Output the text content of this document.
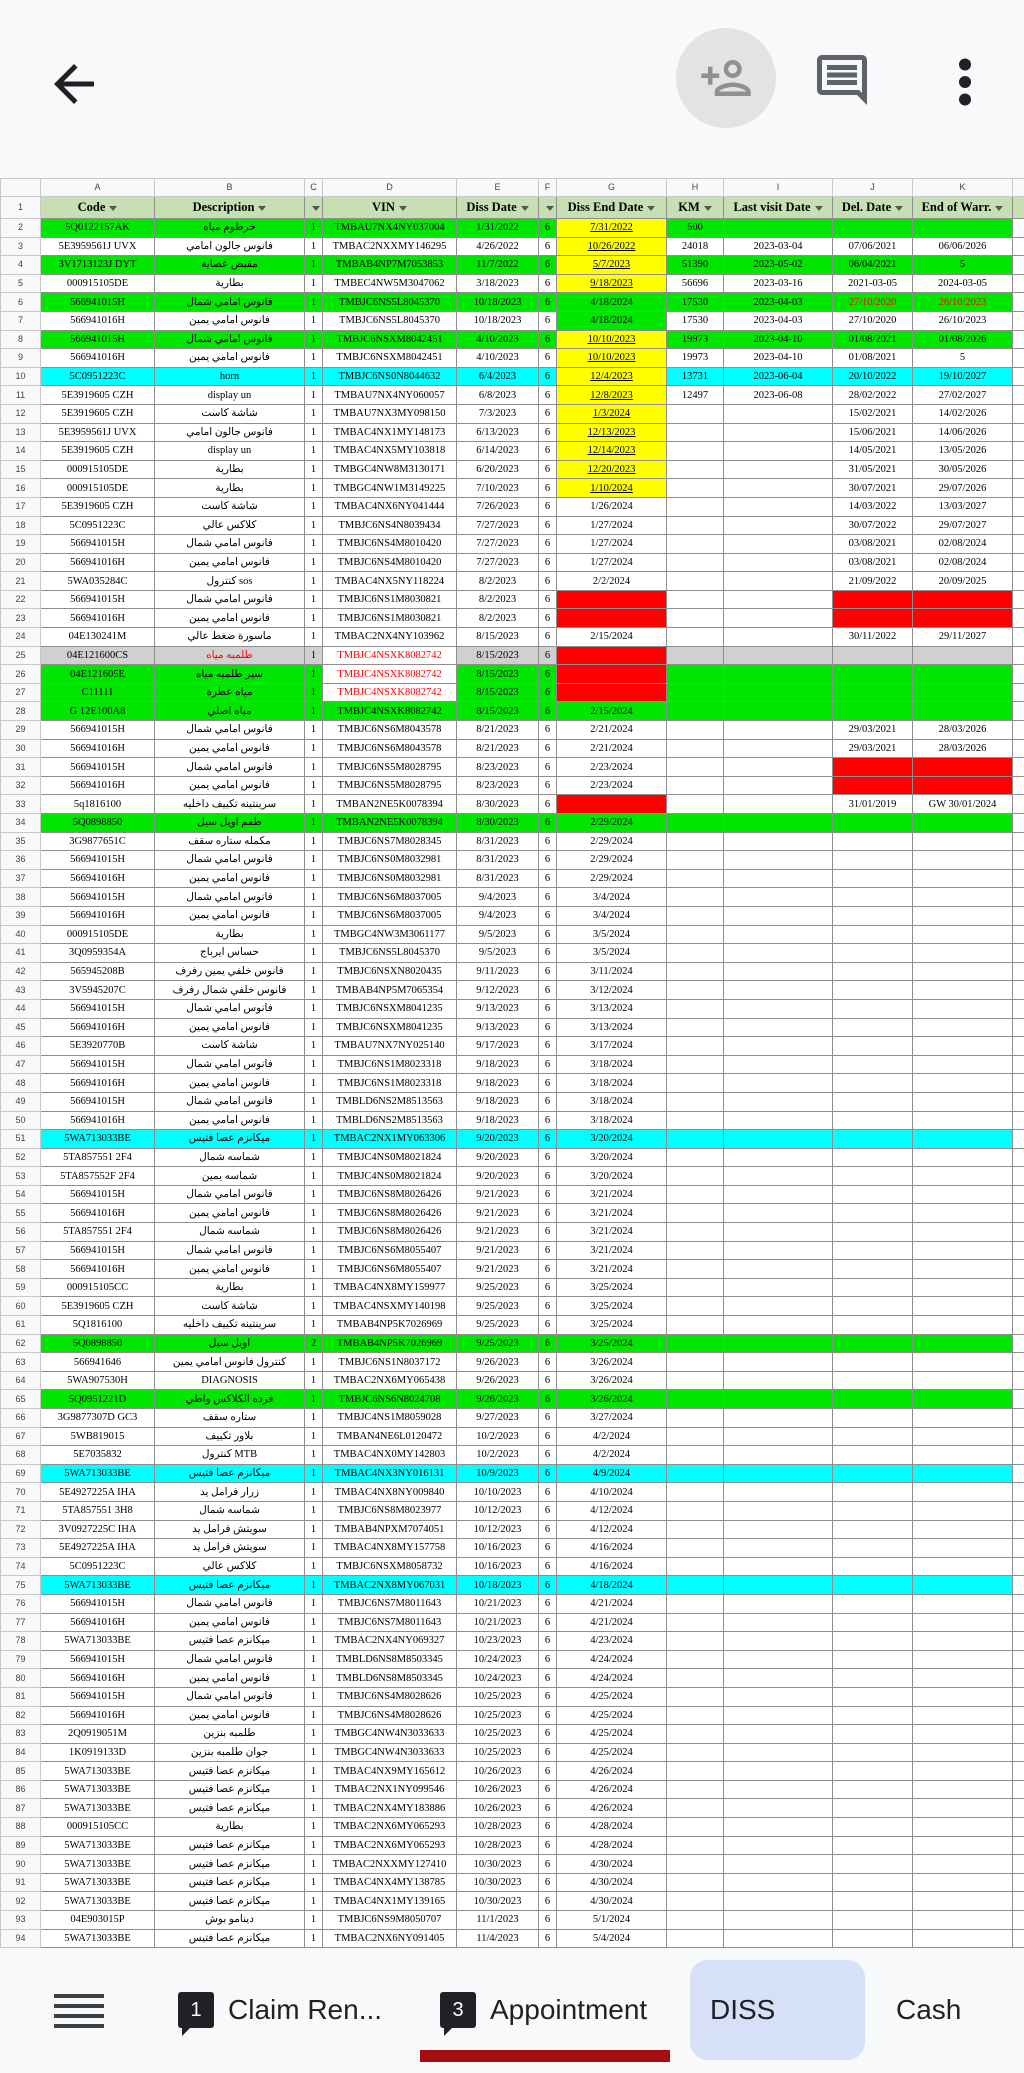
	A	B	C	D	E	F	G	H	I	J	K	
1	Code	Description		VIN	Diss Date		Diss End Date	KM	Last visit Date	Del. Date	End of Warr.	
2	5Q0122157AK	خرطوم مياه	1	TMBAU7NX4NY037004	1/31/2022	6	7/31/2022	500				
3	5E3959561J UVX	فانوس جالون امامي	1	TMBAC2NXXMY146295	4/26/2022	6	10/26/2022	24018	2023-03-04	07/06/2021	06/06/2026	
4	3V1713123J DYT	مقبض عصاية	1	TMBAB4NP7M7053853	11/7/2022	6	5/7/2023	51390	2023-05-02	06/04/2021	5	
5	000915105DE	بطارية	1	TMBEC4NW5M3047062	3/18/2023	6	9/18/2023	56696	2023-03-16	2021-03-05	2024-03-05	
6	566941015H	فانوس امامي شمال	1	TMBJC6NS5L8045370	10/18/2023	6	4/18/2024	17530	2023-04-03	27/10/2020	26/10/2023	
7	566941016H	فانوس امامي يمين	1	TMBJC6NS5L8045370	10/18/2023	6	4/18/2024	17530	2023-04-03	27/10/2020	26/10/2023	
8	566941015H	فانوس امامي شمال	1	TMBJC6NSXM8042451	4/10/2023	6	10/10/2023	19973	2023-04-10	01/08/2021	01/08/2026	
9	566941016H	فانوس امامي يمين	1	TMBJC6NSXM8042451	4/10/2023	6	10/10/2023	19973	2023-04-10	01/08/2021	5	
10	5C0951223C	horn	1	TMBJC6NS0N8044632	6/4/2023	6	12/4/2023	13731	2023-06-04	20/10/2022	19/10/2027	
11	5E3919605 CZH	display un	1	TMBAU7NX4NY060057	6/8/2023	6	12/8/2023	12497	2023-06-08	28/02/2022	27/02/2027	
12	5E3919605 CZH	شاشة كاست	1	TMBAU7NX3MY098150	7/3/2023	6	1/3/2024			15/02/2021	14/02/2026	
13	5E3959561J UVX	فانوس جالون امامي	1	TMBAC4NX1MY148173	6/13/2023	6	12/13/2023			15/06/2021	14/06/2026	
14	5E3919605 CZH	display un	1	TMBAC4NX5MY103818	6/14/2023	6	12/14/2023			14/05/2021	13/05/2026	
15	000915105DE	بطارية	1	TMBGC4NW8M3130171	6/20/2023	6	12/20/2023			31/05/2021	30/05/2026	
16	000915105DE	بطارية	1	TMBGC4NW1M3149225	7/10/2023	6	1/10/2024			30/07/2021	29/07/2026	
17	5E3919605 CZH	شاشة كاست	1	TMBAC4NX6NY041444	7/26/2023	6	1/26/2024			14/03/2022	13/03/2027	
18	5C0951223C	كلاكس عالي	1	TMBJC6NS4N8039434	7/27/2023	6	1/27/2024			30/07/2022	29/07/2027	
19	566941015H	فانوس امامي شمال	1	TMBJC6NS4M8010420	7/27/2023	6	1/27/2024			03/08/2021	02/08/2024	
20	566941016H	فانوس امامي يمين	1	TMBJC6NS4M8010420	7/27/2023	6	1/27/2024			03/08/2021	02/08/2024	
21	5WA035284C	كنترول sos	1	TMBAC4NX5NY118224	8/2/2023	6	2/2/2024			21/09/2022	20/09/2025	
22	566941015H	فانوس امامي شمال	1	TMBJC6NS1M8030821	8/2/2023	6	2/2/2024			12/02/2021	12/02/2024	
23	566941016H	فانوس امامي يمين	1	TMBJC6NS1M8030821	8/2/2023	6	2/2/2024			12/02/2021	12/02/2024	
24	04E130241M	ماسورة ضغط عالي	1	TMBAC2NX4NY103962	8/15/2023	6	2/15/2024			30/11/2022	29/11/2027	
25	04E121600CS	طلمبه مياه	1	TMBJC4NSXK8082742	8/15/2023	6	2/15/2024					
26	04E121605E	سير طلمبه مياه	1	TMBJC4NSXK8082742	8/15/2023	6	2/15/2024					
27	C11111	مياه عطرة	1	TMBJC4NSXK8082742	8/15/2023	6	2/15/2024					
28	G 12E100A8	مياه اصلي	1	TMBJC4NSXK8082742	8/15/2023	6	2/15/2024					
29	566941015H	فانوس امامي شمال	1	TMBJC6NS6M8043578	8/21/2023	6	2/21/2024			29/03/2021	28/03/2026	
30	566941016H	فانوس امامي يمين	1	TMBJC6NS6M8043578	8/21/2023	6	2/21/2024			29/03/2021	28/03/2026	
31	566941015H	فانوس امامي شمال	1	TMBJC6NS5M8028795	8/23/2023	6	2/23/2024			14/04/2021	13/04/2024	
32	566941016H	فانوس امامي يمين	1	TMBJC6NS5M8028795	8/23/2023	6	2/23/2024			14/04/2021	13/04/2024	
33	5q1816100	سرينتينه تكييف داخليه	1	TMBAN2NE5K0078394	8/30/2023	6	2/29/2024			31/01/2019	GW 30/01/2024	
34	5Q0898850	طقم اويل سيل	1	TMBAN2NE5K0078394	8/30/2023	6	2/29/2024					
35	3G9877651C	مكمله ستاره سقف	1	TMBJC6NS7M8028345	8/31/2023	6	2/29/2024					
36	566941015H	فانوس امامي شمال	1	TMBJC6NS0M8032981	8/31/2023	6	2/29/2024					
37	566941016H	فانوس امامي يمين	1	TMBJC6NS0M8032981	8/31/2023	6	2/29/2024					
38	566941015H	فانوس امامي شمال	1	TMBJC6NS6M8037005	9/4/2023	6	3/4/2024					
39	566941016H	فانوس امامي يمين	1	TMBJC6NS6M8037005	9/4/2023	6	3/4/2024					
40	000915105DE	بطارية	1	TMBGC4NW3M3061177	9/5/2023	6	3/5/2024					
41	3Q0959354A	حساس ايرباج	1	TMBJC6NS5L8045370	9/5/2023	6	3/5/2024					
42	565945208B	فانوس خلفي يمين رفرف	1	TMBJC6NSXN8020435	9/11/2023	6	3/11/2024					
43	3V5945207C	فانوس خلفي شمال رفرف	1	TMBAB4NP5M7065354	9/12/2023	6	3/12/2024					
44	566941015H	فانوس امامي شمال	1	TMBJC6NSXM8041235	9/13/2023	6	3/13/2024					
45	566941016H	فانوس امامي يمين	1	TMBJC6NSXM8041235	9/13/2023	6	3/13/2024					
46	5E3920770B	شاشة كاست	1	TMBAU7NX7NY025140	9/17/2023	6	3/17/2024					
47	566941015H	فانوس امامي شمال	1	TMBJC6NS1M8023318	9/18/2023	6	3/18/2024					
48	566941016H	فانوس امامي يمين	1	TMBJC6NS1M8023318	9/18/2023	6	3/18/2024					
49	566941015H	فانوس امامي شمال	1	TMBLD6NS2M8513563	9/18/2023	6	3/18/2024					
50	566941016H	فانوس امامي يمين	1	TMBLD6NS2M8513563	9/18/2023	6	3/18/2024					
51	5WA713033BE	ميكانزم عصا فتيس	1	TMBAC2NX1MY063306	9/20/2023	6	3/20/2024					
52	5TA857551 2F4	شماسه شمال	1	TMBJC4NS0M8021824	9/20/2023	6	3/20/2024					
53	5TA857552F 2F4	شماسه يمين	1	TMBJC4NS0M8021824	9/20/2023	6	3/20/2024					
54	566941015H	فانوس امامي شمال	1	TMBJC6NS8M8026426	9/21/2023	6	3/21/2024					
55	566941016H	فانوس امامي يمين	1	TMBJC6NS8M8026426	9/21/2023	6	3/21/2024					
56	5TA857551 2F4	شماسه شمال	1	TMBJC6NS8M8026426	9/21/2023	6	3/21/2024					
57	566941015H	فانوس امامي شمال	1	TMBJC6NS6M8055407	9/21/2023	6	3/21/2024					
58	566941016H	فانوس امامي يمين	1	TMBJC6NS6M8055407	9/21/2023	6	3/21/2024					
59	000915105CC	بطارية	1	TMBAC4NX8MY159977	9/25/2023	6	3/25/2024					
60	5E3919605 CZH	شاشة كاست	1	TMBAC4NSXMY140198	9/25/2023	6	3/25/2024					
61	5Q1816100	سرينتينه تكييف داخليه	1	TMBAB4NP5K7026969	9/25/2023	6	3/25/2024					
62	5Q0898850	اويل سيل	2	TMBAB4NP5K7026969	9/25/2023	6	3/25/2024					
63	566941646	كنترول فانوس امامي يمين	1	TMBJC6NS1N8037172	9/26/2023	6	3/26/2024					
64	5WA907530H	DIAGNOSIS	1	TMBAC2NX6MY065438	9/26/2023	6	3/26/2024					
65	5Q0951221D	فرده الكلاكس واطي	1	TMBJC6NS6N8024708	9/26/2023	6	3/26/2024					
66	3G9877307D GC3	ستاره سقف	1	TMBJC4NS1M8059028	9/27/2023	6	3/27/2024					
67	5WB819015	بلاور تكييف	1	TMBAN4NE6L0120472	10/2/2023	6	4/2/2024					
68	5E7035832	كنترول MTB	1	TMBAC4NX0MY142803	10/2/2023	6	4/2/2024					
69	5WA713033BE	ميكانزم عصا فتيس	1	TMBAC4NX3NY016131	10/9/2023	6	4/9/2024					
70	5E4927225A IHA	زرار فرامل يد	1	TMBAC4NX8NY009840	10/10/2023	6	4/10/2024					
71	5TA857551 3H8	شماسه شمال	1	TMBJC6NS8M8023977	10/12/2023	6	4/12/2024					
72	3V0927225C IHA	سويتش فرامل يد	1	TMBAB4NPXM7074051	10/12/2023	6	4/12/2024					
73	5E4927225A IHA	سويتش فرامل يد	1	TMBAC4NX8MY157758	10/16/2023	6	4/16/2024					
74	5C0951223C	كلاكس عالي	1	TMBJC6NSXM8058732	10/16/2023	6	4/16/2024					
75	5WA713033BE	ميكانزم عصا فتيس	1	TMBAC2NX8MY067031	10/18/2023	6	4/18/2024					
76	566941015H	فانوس امامي شمال	1	TMBJC6NS7M8011643	10/21/2023	6	4/21/2024					
77	566941016H	فانوس امامي يمين	1	TMBJC6NS7M8011643	10/21/2023	6	4/21/2024					
78	5WA713033BE	ميكانزم عصا فتيس	1	TMBAC2NX4NY069327	10/23/2023	6	4/23/2024					
79	566941015H	فانوس امامي شمال	1	TMBLD6NS8M8503345	10/24/2023	6	4/24/2024					
80	566941016H	فانوس امامي يمين	1	TMBLD6NS8M8503345	10/24/2023	6	4/24/2024					
81	566941015H	فانوس امامي شمال	1	TMBJC6NS4M8028626	10/25/2023	6	4/25/2024					
82	566941016H	فانوس امامي يمين	1	TMBJC6NS4M8028626	10/25/2023	6	4/25/2024					
83	2Q0919051M	طلمبه بنزين	1	TMBGC4NW4N3033633	10/25/2023	6	4/25/2024					
84	1K0919133D	جوان طلمبه بنزين	1	TMBGC4NW4N3033633	10/25/2023	6	4/25/2024					
85	5WA713033BE	ميكانزم عصا فتيس	1	TMBAC4NX9MY165612	10/26/2023	6	4/26/2024					
86	5WA713033BE	ميكانزم عصا فتيس	1	TMBAC2NX1NY099546	10/26/2023	6	4/26/2024					
87	5WA713033BE	ميكانزم عصا فتيس	1	TMBAC2NX4MY183886	10/26/2023	6	4/26/2024					
88	000915105CC	بطارية	1	TMBAC2NX6MY065293	10/28/2023	6	4/28/2024					
89	5WA713033BE	ميكانزم عصا فتيس	1	TMBAC2NX6MY065293	10/28/2023	6	4/28/2024					
90	5WA713033BE	ميكانزم عصا فتيس	1	TMBAC2NXXMY127410	10/30/2023	6	4/30/2024					
91	5WA713033BE	ميكانزم عصا فتيس	1	TMBAC4NX4MY138785	10/30/2023	6	4/30/2024					
92	5WA713033BE	ميكانزم عصا فتيس	1	TMBAC4NX1MY139165	10/30/2023	6	4/30/2024					
93	04E903015P	دينامو بوش	1	TMBJC6NS9M8050707	11/1/2023	6	5/1/2024					
94	5WA713033BE	ميكانزم عصا فتيس	1	TMBAC2NX6NY091405	11/4/2023	6	5/4/2024					
1 Claim Ren...	3 Appointment DISS	Cash
